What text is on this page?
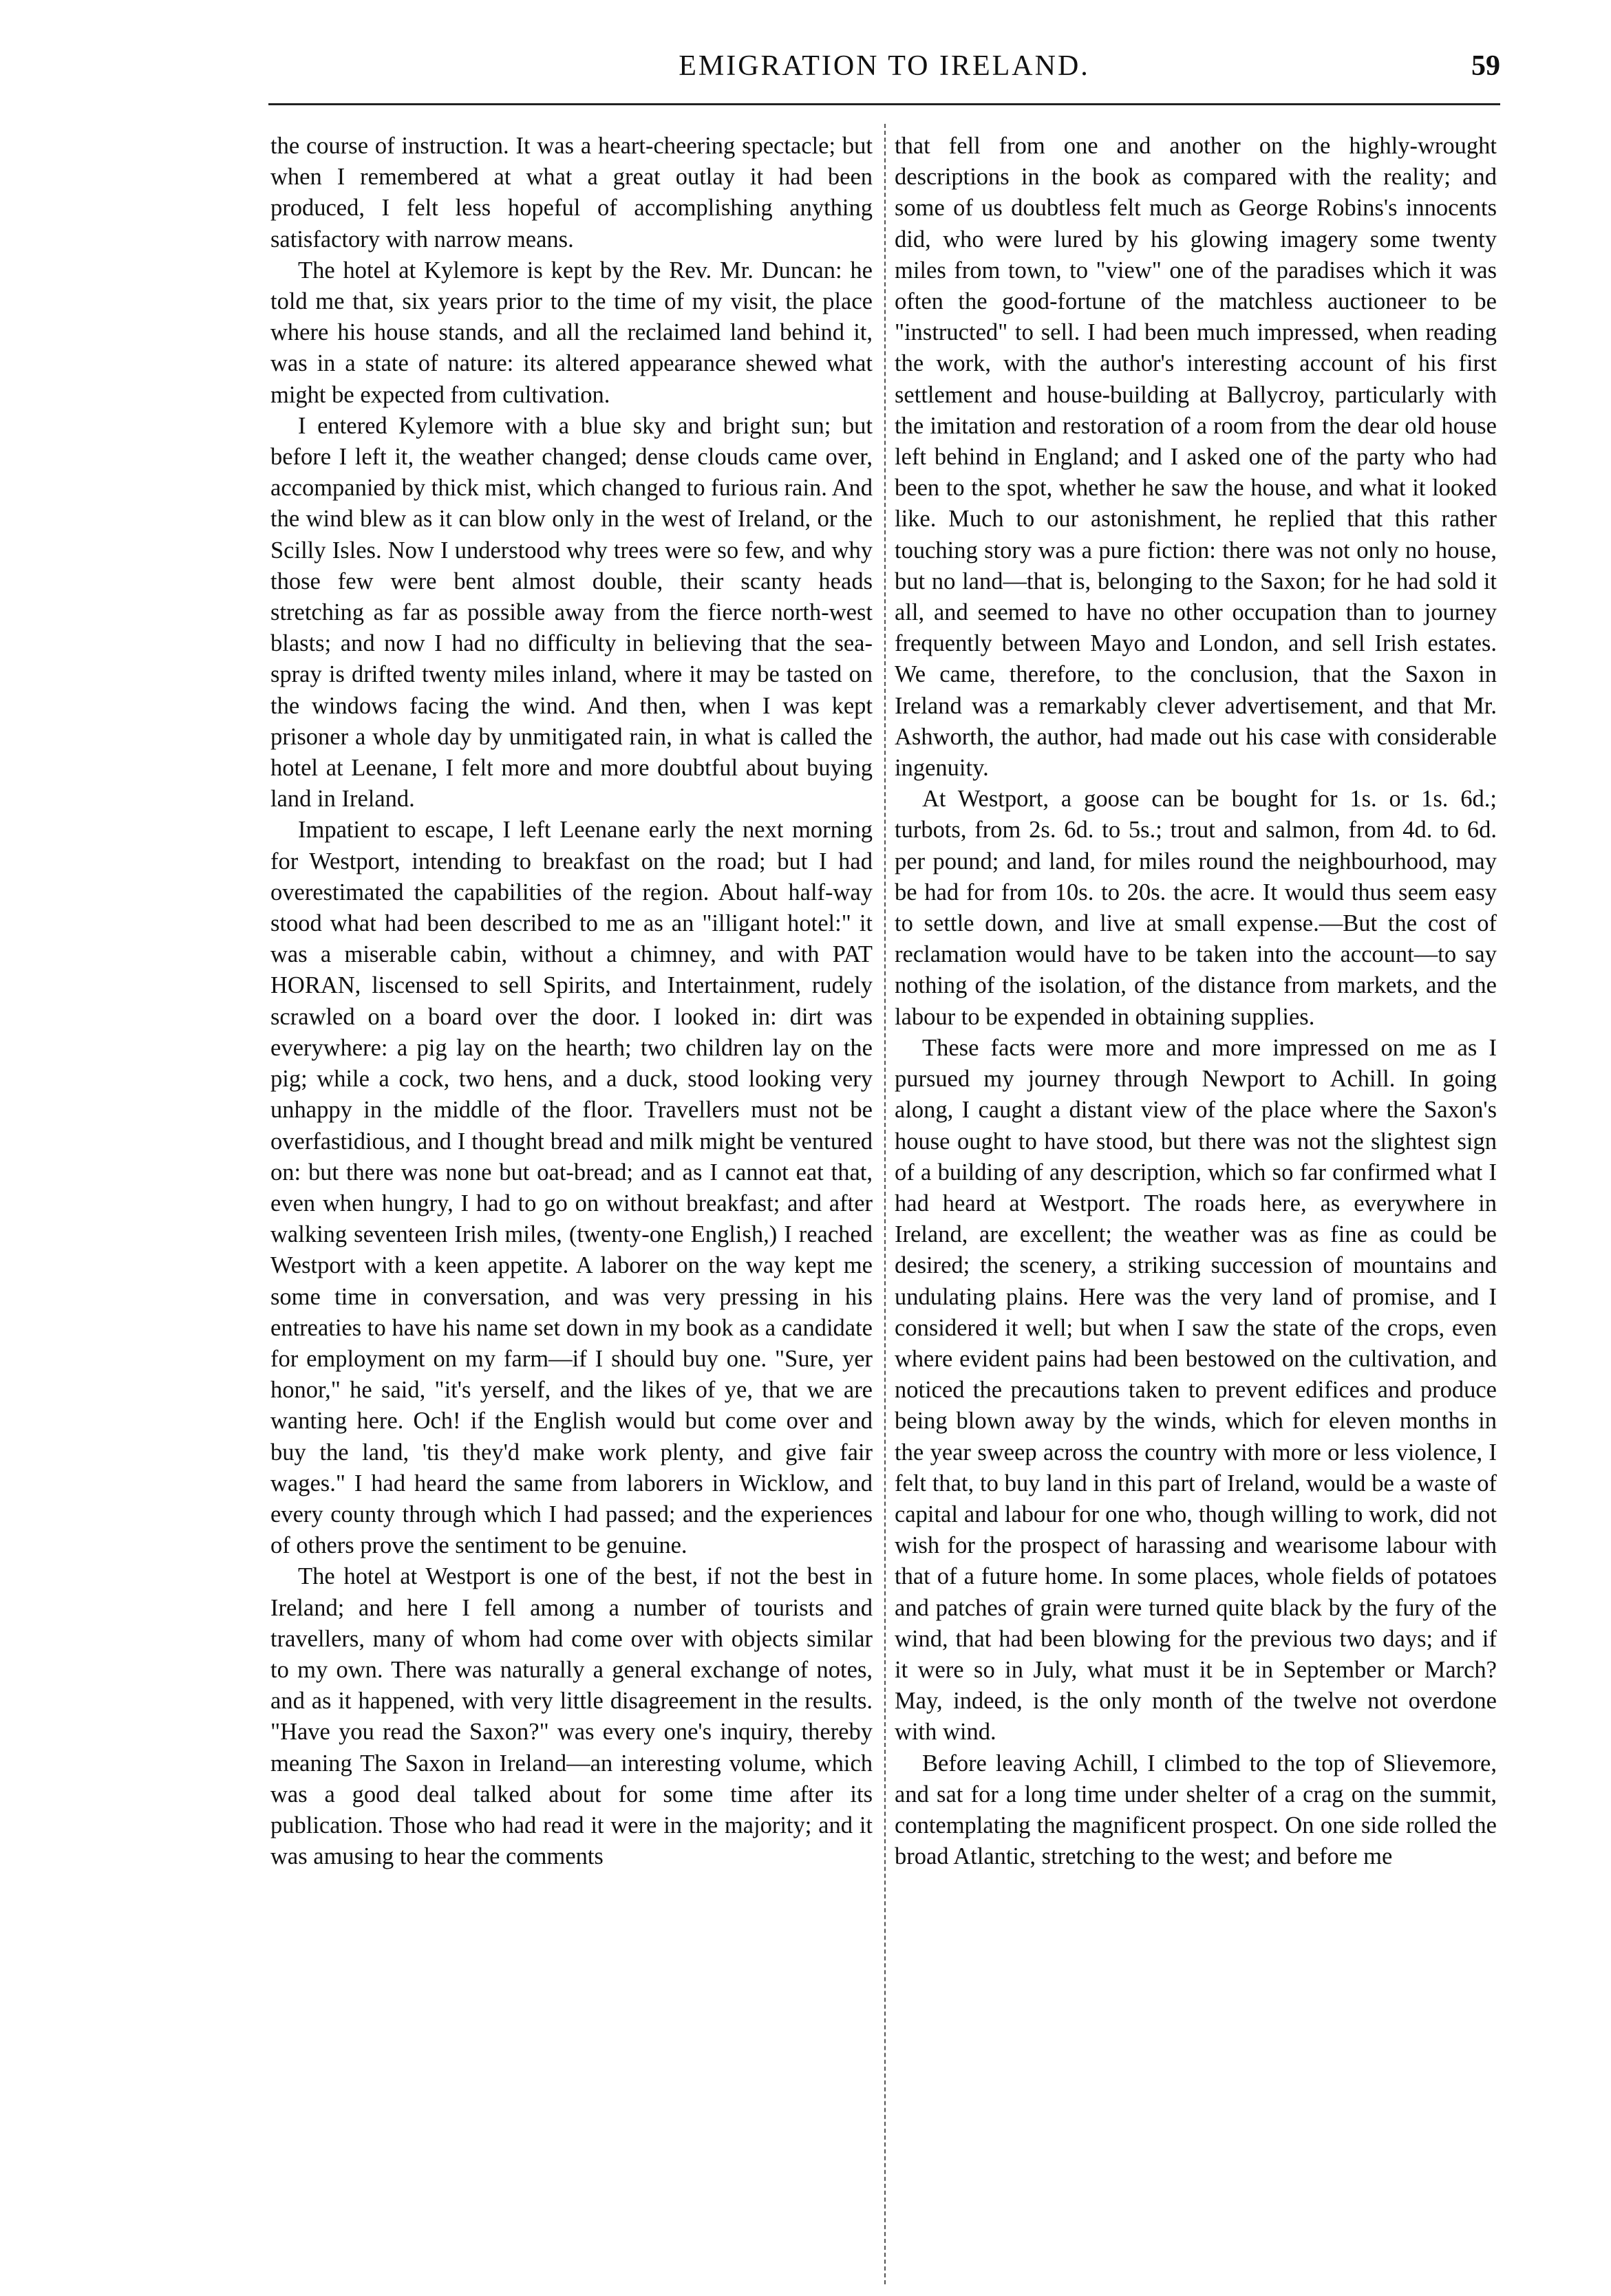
EMIGRATION TO IRELAND.	59

the course of instruction. It was a heart-cheering spectacle; but when I remembered at what a great outlay it had been produced, I felt less hopeful of accomplishing anything satisfactory with narrow means.

The hotel at Kylemore is kept by the Rev. Mr. Duncan: he told me that, six years prior to the time of my visit, the place where his house stands, and all the reclaimed land behind it, was in a state of nature: its altered appearance shewed what might be expected from cultivation.

I entered Kylemore with a blue sky and bright sun; but before I left it, the weather changed; dense clouds came over, accompanied by thick mist, which changed to furious rain. And the wind blew as it can blow only in the west of Ireland, or the Scilly Isles. Now I understood why trees were so few, and why those few were bent almost double, their scanty heads stretching as far as possible away from the fierce north-west blasts; and now I had no difficulty in believing that the sea-spray is drifted twenty miles inland, where it may be tasted on the windows facing the wind. And then, when I was kept prisoner a whole day by unmitigated rain, in what is called the hotel at Leenane, I felt more and more doubtful about buying land in Ireland.

Impatient to escape, I left Leenane early the next morning for Westport, intending to breakfast on the road; but I had overestimated the capabilities of the region. About half-way stood what had been described to me as an "illigant hotel:" it was a miserable cabin, without a chimney, and with PAT HORAN, liscensed to sell Spirits, and Intertainment, rudely scrawled on a board over the door. I looked in: dirt was everywhere: a pig lay on the hearth; two children lay on the pig; while a cock, two hens, and a duck, stood looking very unhappy in the middle of the floor. Travellers must not be overfastidious, and I thought bread and milk might be ventured on: but there was none but oat-bread; and as I cannot eat that, even when hungry, I had to go on without breakfast; and after walking seventeen Irish miles, (twenty-one English,) I reached Westport with a keen appetite. A laborer on the way kept me some time in conversation, and was very pressing in his entreaties to have his name set down in my book as a candidate for employment on my farm—if I should buy one. "Sure, yer honor," he said, "it's yerself, and the likes of ye, that we are wanting here. Och! if the English would but come over and buy the land, 'tis they'd make work plenty, and give fair wages." I had heard the same from laborers in Wicklow, and every county through which I had passed; and the experiences of others prove the sentiment to be genuine.

The hotel at Westport is one of the best, if not the best in Ireland; and here I fell among a number of tourists and travellers, many of whom had come over with objects similar to my own. There was naturally a general exchange of notes, and as it happened, with very little disagreement in the results. "Have you read the Saxon?" was every one's inquiry, thereby meaning The Saxon in Ireland—an interesting volume, which was a good deal talked about for some time after its publication. Those who had read it were in the majority; and it was amusing to hear the comments

that fell from one and another on the highly-wrought descriptions in the book as compared with the reality; and some of us doubtless felt much as George Robins's innocents did, who were lured by his glowing imagery some twenty miles from town, to "view" one of the paradises which it was often the good-fortune of the matchless auctioneer to be "instructed" to sell. I had been much impressed, when reading the work, with the author's interesting account of his first settlement and house-building at Ballycroy, particularly with the imitation and restoration of a room from the dear old house left behind in England; and I asked one of the party who had been to the spot, whether he saw the house, and what it looked like. Much to our astonishment, he replied that this rather touching story was a pure fiction: there was not only no house, but no land—that is, belonging to the Saxon; for he had sold it all, and seemed to have no other occupation than to journey frequently between Mayo and London, and sell Irish estates. We came, therefore, to the conclusion, that the Saxon in Ireland was a remarkably clever advertisement, and that Mr. Ashworth, the author, had made out his case with considerable ingenuity.

At Westport, a goose can be bought for 1s. or 1s. 6d.; turbots, from 2s. 6d. to 5s.; trout and salmon, from 4d. to 6d. per pound; and land, for miles round the neighbourhood, may be had for from 10s. to 20s. the acre. It would thus seem easy to settle down, and live at small expense.—But the cost of reclamation would have to be taken into the account—to say nothing of the isolation, of the distance from markets, and the labour to be expended in obtaining supplies.

These facts were more and more impressed on me as I pursued my journey through Newport to Achill. In going along, I caught a distant view of the place where the Saxon's house ought to have stood, but there was not the slightest sign of a building of any description, which so far confirmed what I had heard at Westport. The roads here, as everywhere in Ireland, are excellent; the weather was as fine as could be desired; the scenery, a striking succession of mountains and undulating plains. Here was the very land of promise, and I considered it well; but when I saw the state of the crops, even where evident pains had been bestowed on the cultivation, and noticed the precautions taken to prevent edifices and produce being blown away by the winds, which for eleven months in the year sweep across the country with more or less violence, I felt that, to buy land in this part of Ireland, would be a waste of capital and labour for one who, though willing to work, did not wish for the prospect of harassing and wearisome labour with that of a future home. In some places, whole fields of potatoes and patches of grain were turned quite black by the fury of the wind, that had been blowing for the previous two days; and if it were so in July, what must it be in September or March? May, indeed, is the only month of the twelve not overdone with wind.

Before leaving Achill, I climbed to the top of Slievemore, and sat for a long time under shelter of a crag on the summit, contemplating the magnificent prospect. On one side rolled the broad Atlantic, stretching to the west; and before me
